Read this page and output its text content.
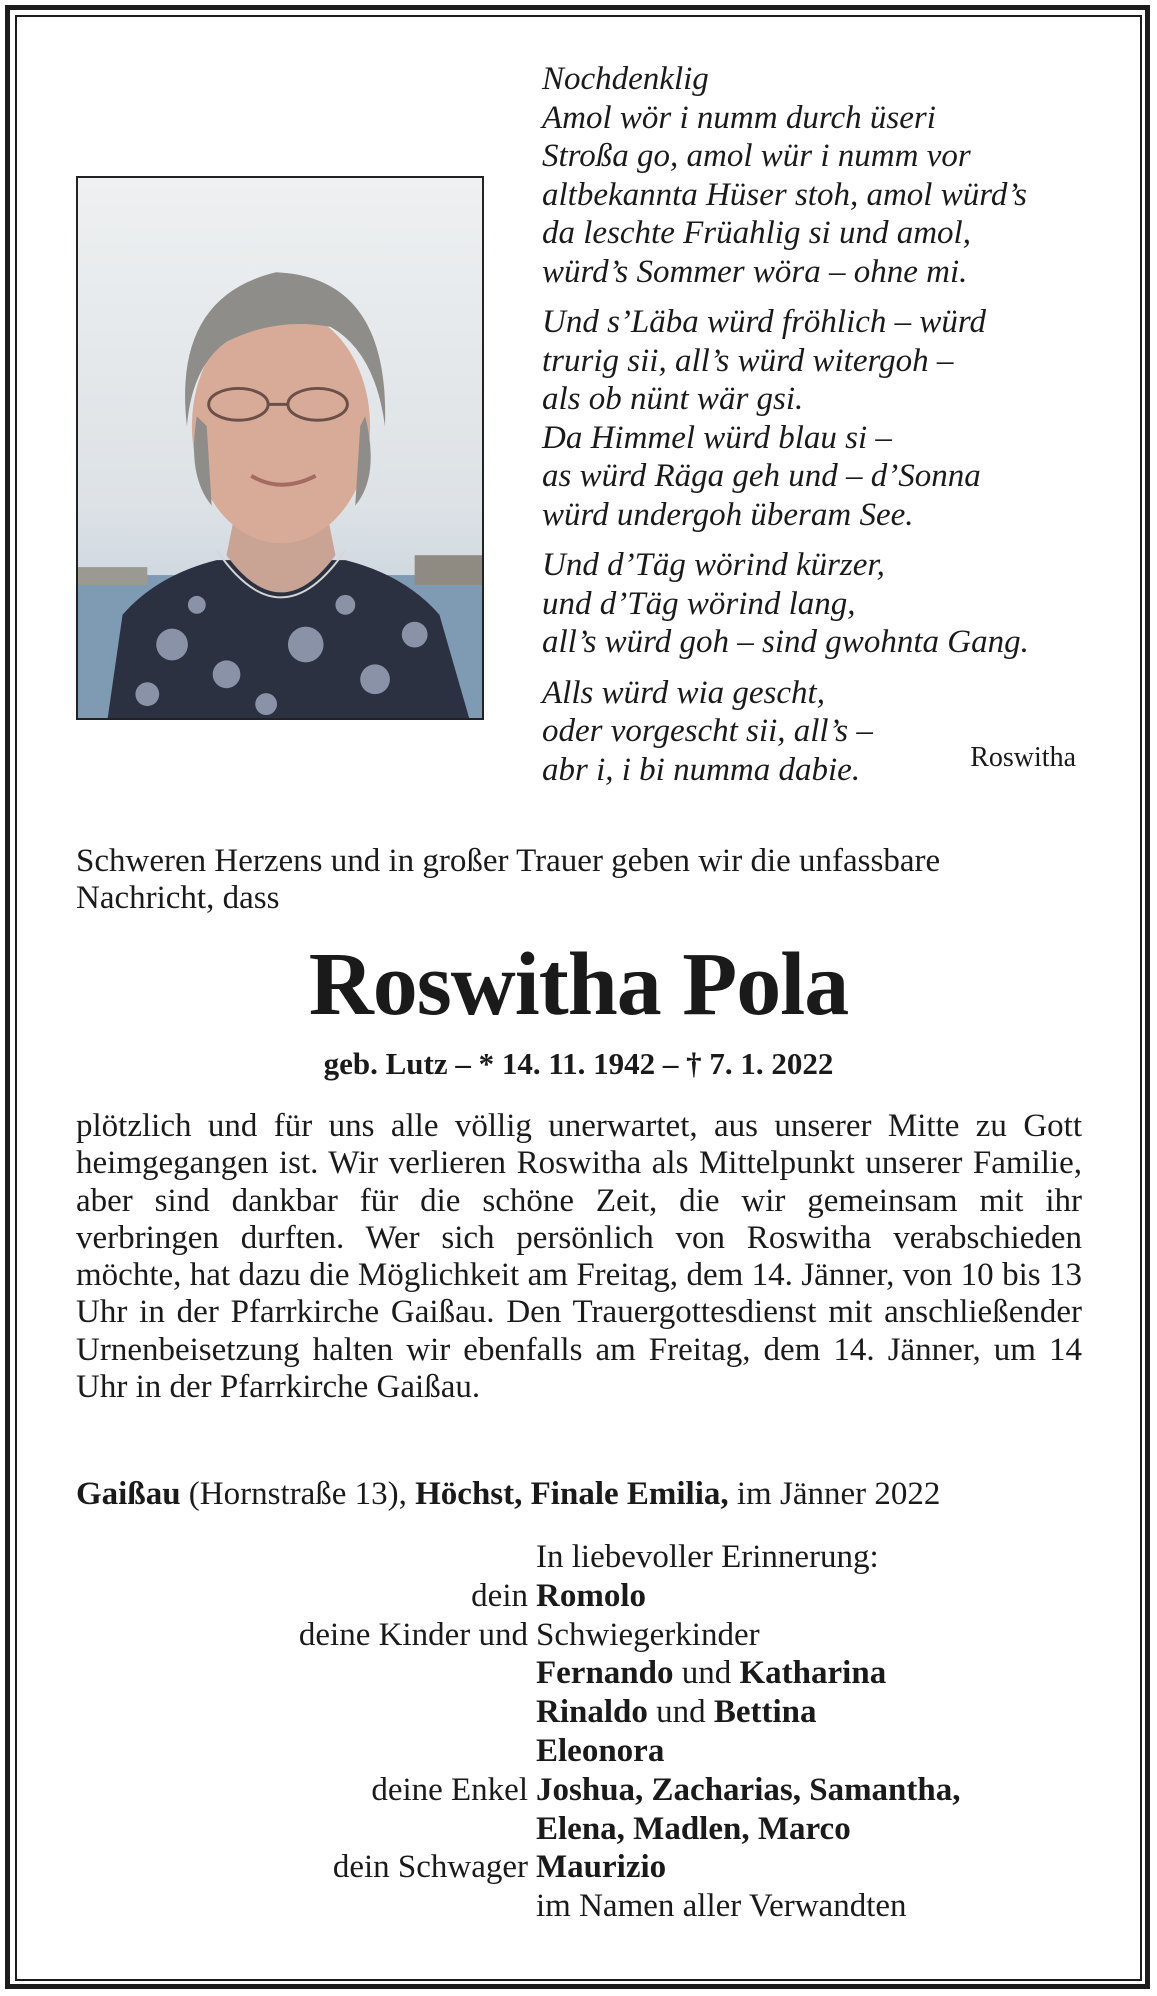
Nochdenklig
Amol wör i numm durch üseri
Stroßa go, amol wür i numm vor
altbekannta Hüser stoh, amol würd’s
da leschte Früahlig si und amol,
würd’s Sommer wöra – ohne mi.
Und s’Läba würd fröhlich – würd
trurig sii, all’s würd witergoh –
als ob nünt wär gsi.
Da Himmel würd blau si –
as würd Räga geh und – d’Sonna
würd undergoh überam See.
Und d’Täg wörind kürzer,
und d’Täg wörind lang,
all’s würd goh – sind gwohnta Gang.
Alls würd wia gescht,
oder vorgescht sii, all’s –
abr i, i bi numma dabie.	Roswitha
Schweren Herzens und in großer Trauer geben wir die unfassbare Nachricht, dass
Roswitha Pola
geb. Lutz – * 14. 11. 1942 – † 7. 1. 2022
plötzlich und für uns alle völlig unerwartet, aus unserer Mitte zu Gott heimgegangen ist. Wir verlieren Roswitha als Mittelpunkt unserer Familie, aber sind dankbar für die schöne Zeit, die wir gemeinsam mit ihr verbringen durften. Wer sich persönlich von Roswitha verabschieden möchte, hat dazu die Möglichkeit am Freitag, dem 14. Jänner, von 10 bis 13 Uhr in der Pfarrkirche Gaißau. Den Trauergottesdienst mit anschließender Urnenbeisetzung halten wir ebenfalls am Freitag, dem 14. Jänner, um 14 Uhr in der Pfarrkirche Gaißau.
Gaißau (Hornstraße 13), Höchst, Finale Emilia, im Jänner 2022
In liebevoller Erinnerung:
dein Romolo
deine Kinder und Schwiegerkinder
Fernando und Katharina
Rinaldo und Bettina
Eleonora
deine Enkel Joshua, Zacharias, Samantha,
Elena, Madlen, Marco
dein Schwager Maurizio
im Namen aller Verwandten
